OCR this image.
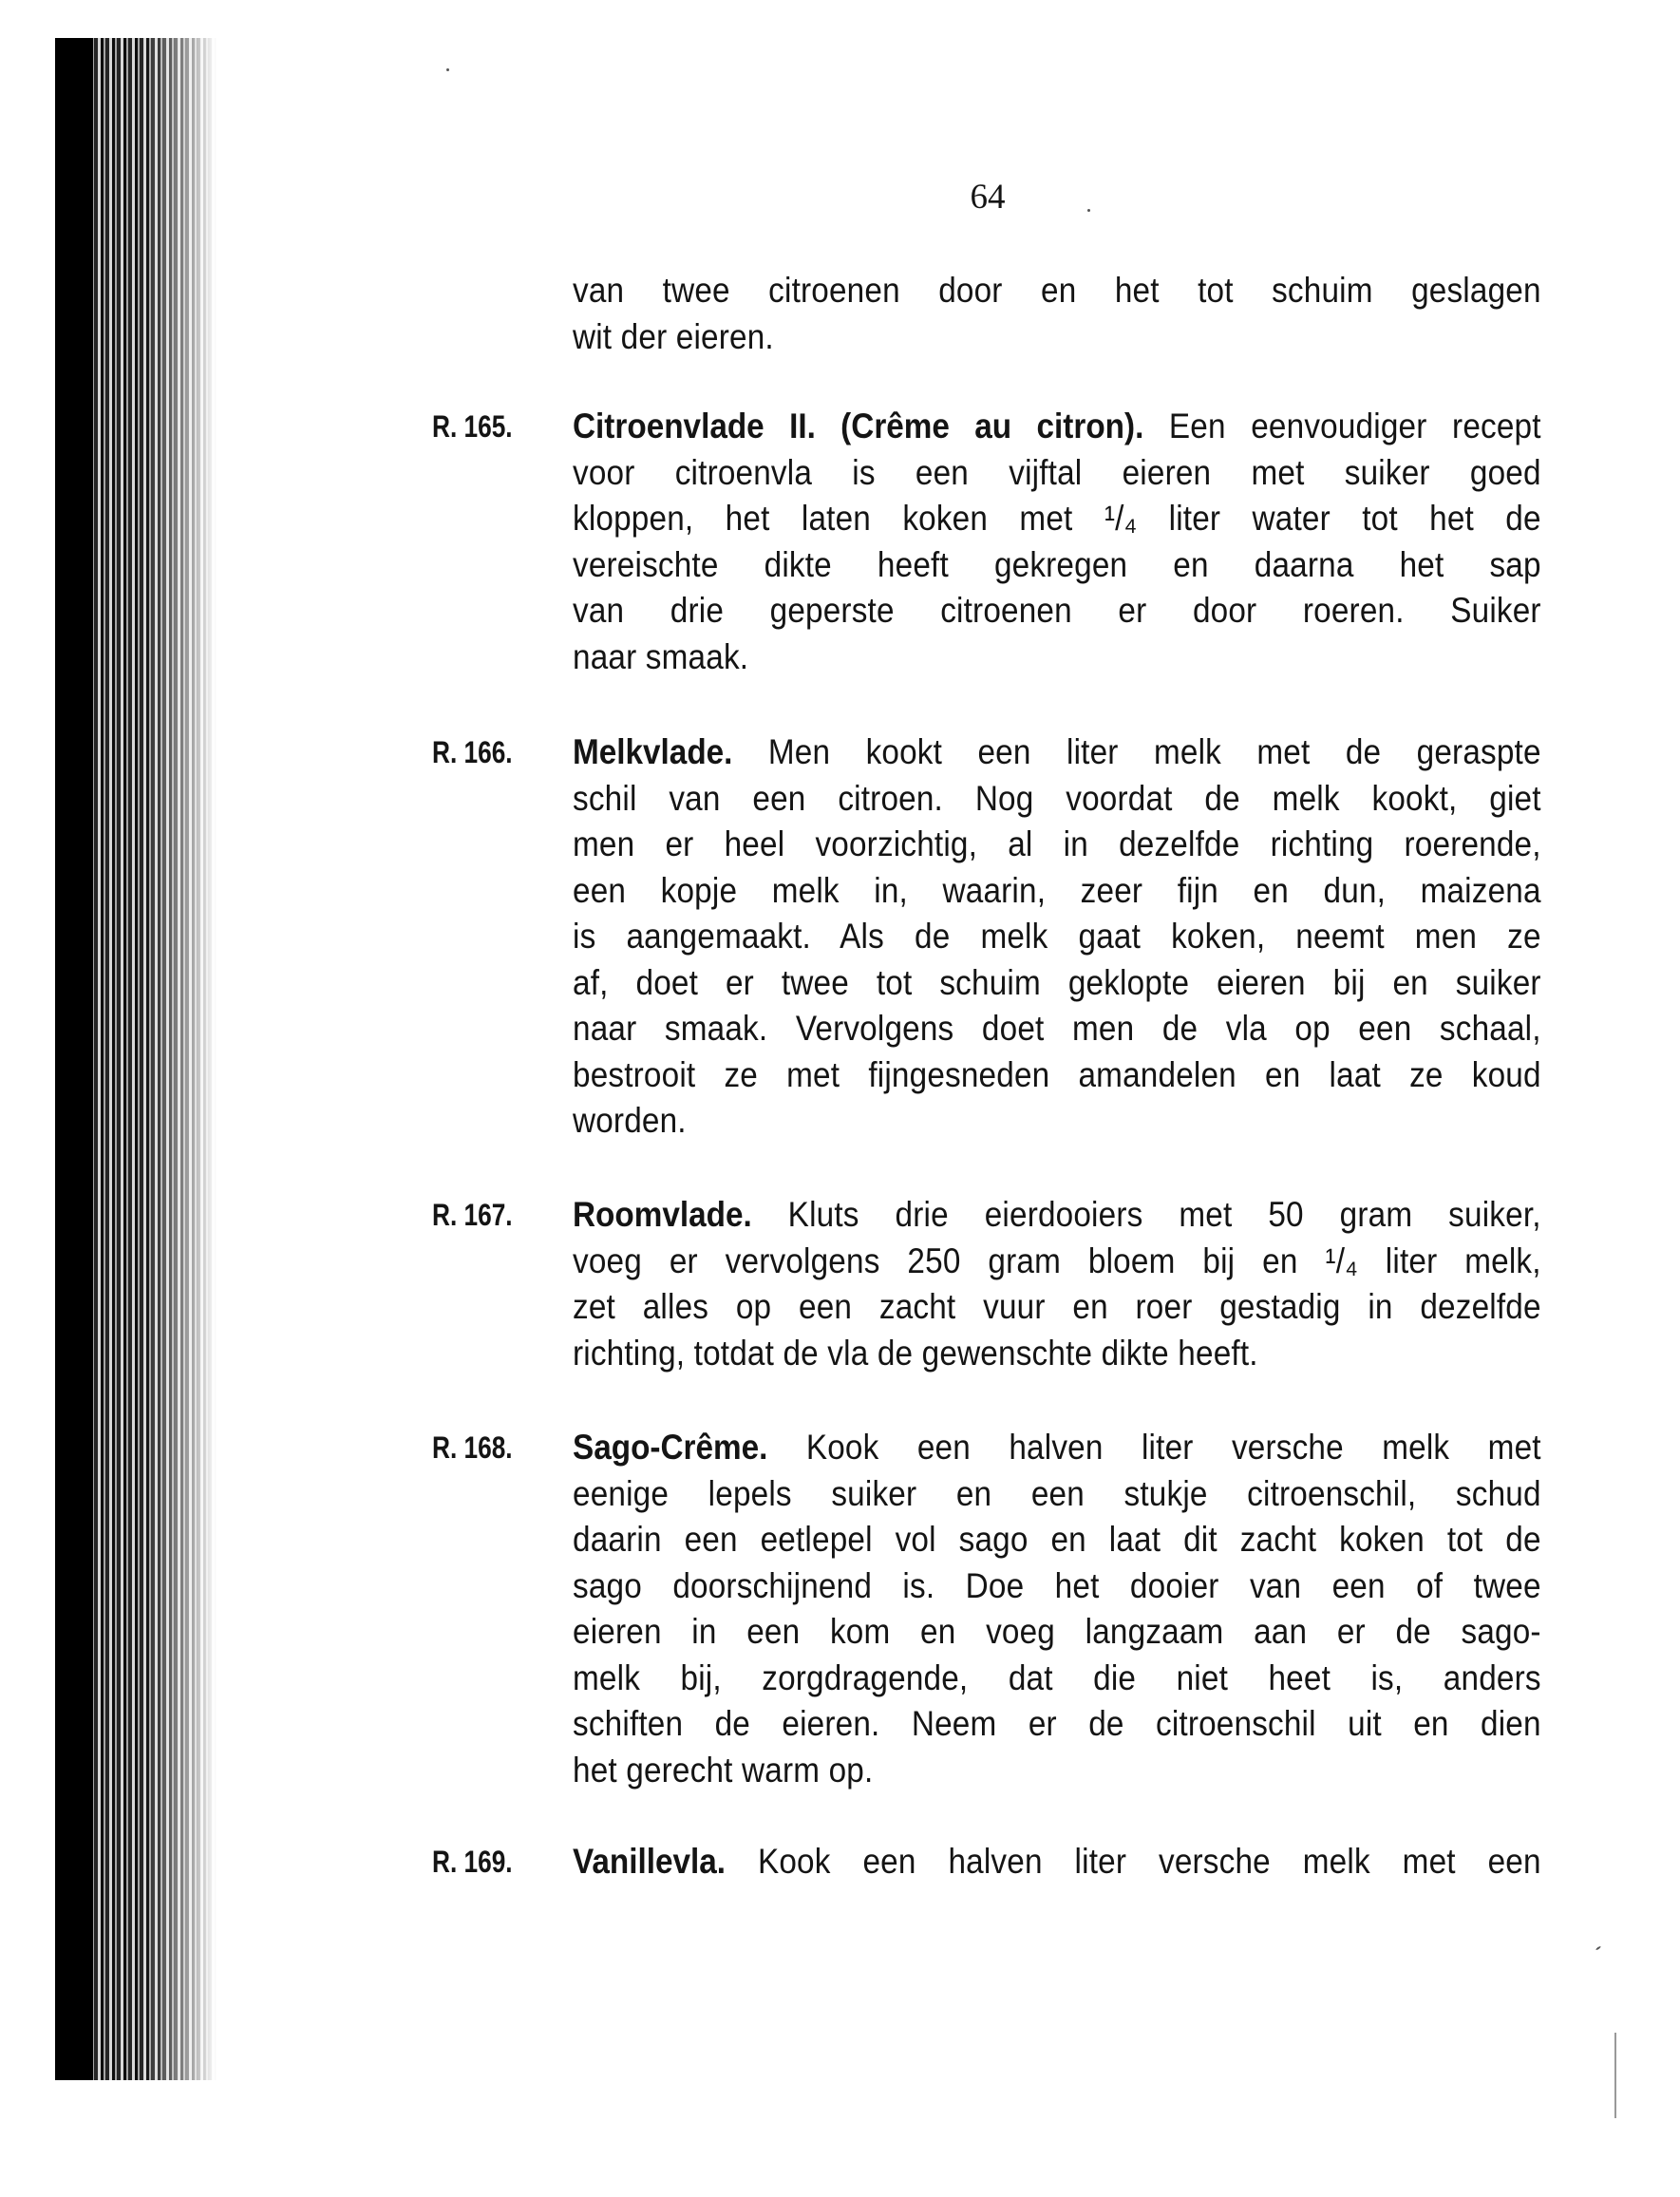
64
van twee citroenen door en het tot schuim geslagen
wit der eieren.
R. 165. Citroenvlade II. (Crême au citron). Een eenvoudiger recept
voor citroenvla is een vijftal eieren met suiker goed
kloppen, het laten koken met ¹/₄ liter water tot het de
vereischte dikte heeft gekregen en daarna het sap
van drie geperste citroenen er door roeren. Suiker
naar smaak.
R. 166. Melkvlade. Men kookt een liter melk met de geraspte
schil van een citroen. Nog voordat de melk kookt, giet
men er heel voorzichtig, al in dezelfde richting roerende,
een kopje melk in, waarin, zeer fijn en dun, maizena
is aangemaakt. Als de melk gaat koken, neemt men ze
af, doet er twee tot schuim geklopte eieren bij en suiker
naar smaak. Vervolgens doet men de vla op een schaal,
bestrooit ze met fijngesneden amandelen en laat ze koud
worden.
R. 167. Roomvlade. Kluts drie eierdooiers met 50 gram suiker,
voeg er vervolgens 250 gram bloem bij en ¹/₄ liter melk,
zet alles op een zacht vuur en roer gestadig in dezelfde
richting, totdat de vla de gewenschte dikte heeft.
R. 168. Sago-Crême. Kook een halven liter versche melk met
eenige lepels suiker en een stukje citroenschil, schud
daarin een eetlepel vol sago en laat dit zacht koken tot de
sago doorschijnend is. Doe het dooier van een of twee
eieren in een kom en voeg langzaam aan er de sago-
melk bij, zorgdragende, dat die niet heet is, anders
schiften de eieren. Neem er de citroenschil uit en dien
het gerecht warm op.
R. 169. Vanillevla. Kook een halven liter versche melk met een
